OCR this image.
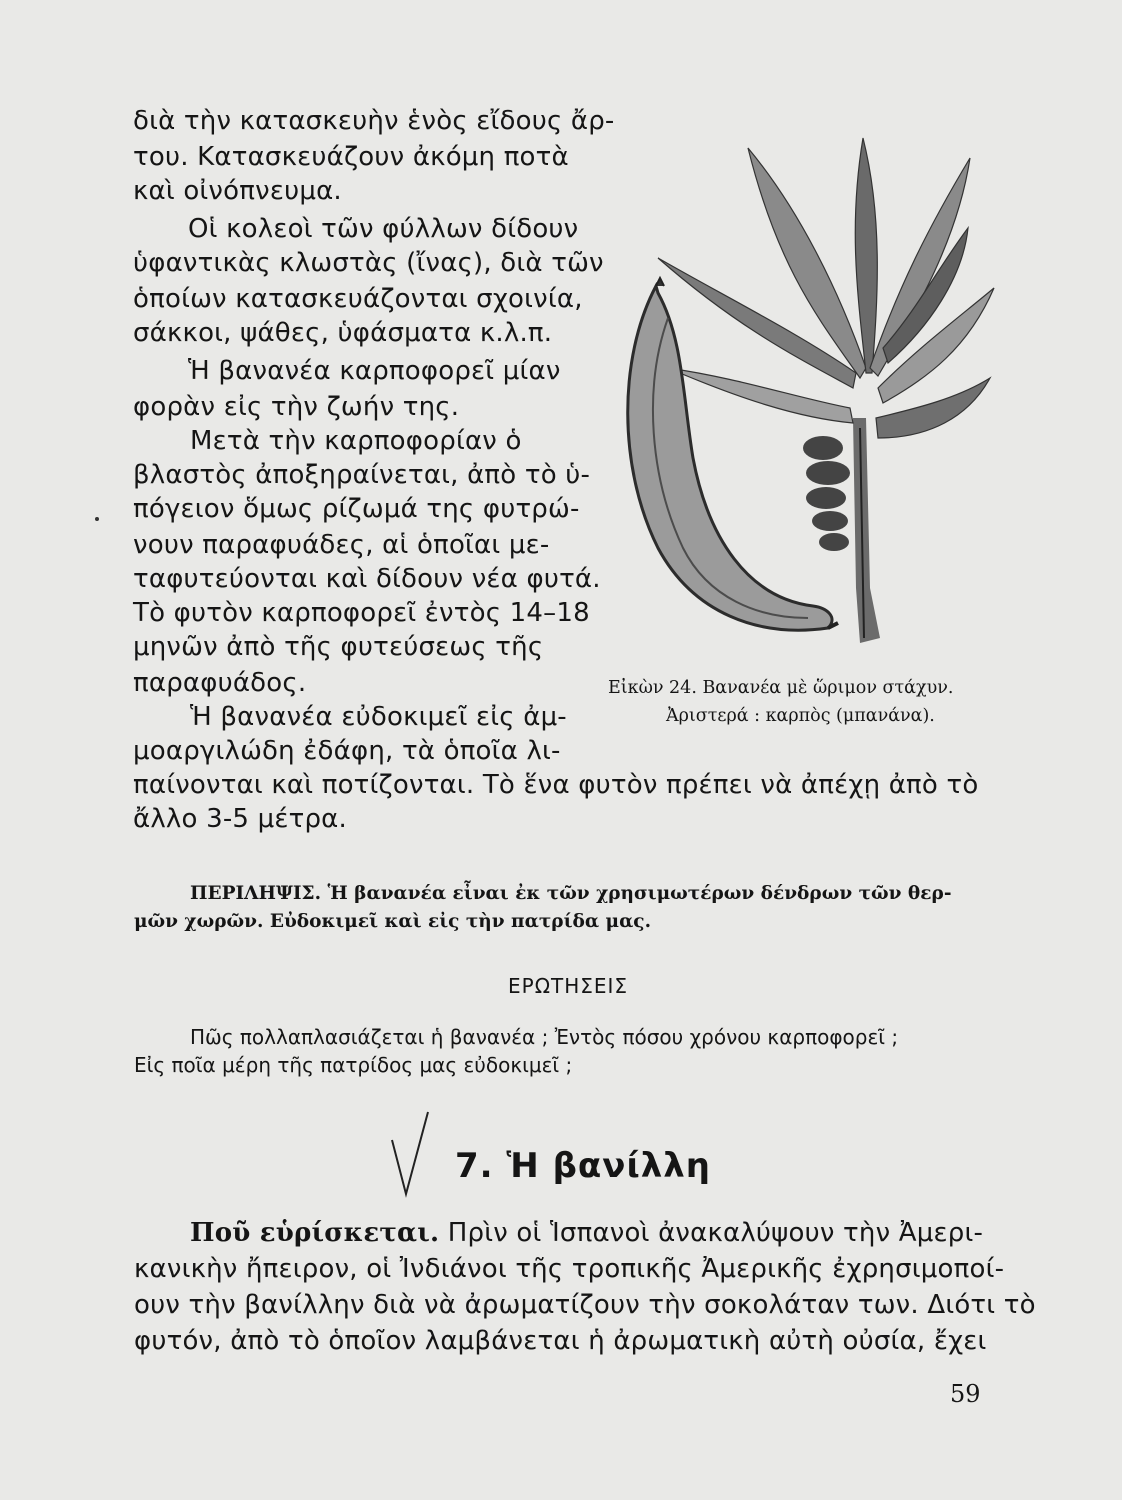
διὰ τὴν κατασκευὴν ἑνὸς εἴδους ἄρ-
του. Κατασκευάζουν ἀκόμη ποτὰ
καὶ οἰνόπνευμα.
Οἱ κολεοὶ τῶν φύλλων δίδουν
ὑφαντικὰς κλωστὰς (ἴνας), διὰ τῶν
ὁποίων κατασκευάζονται σχοινία,
σάκκοι, ψάθες, ὑφάσματα κ.λ.π.
Ἡ βανανέα καρποφορεῖ μίαν
φορὰν εἰς τὴν ζωήν της.
Μετὰ τὴν καρποφορίαν ὁ
βλαστὸς ἀποξηραίνεται, ἀπὸ τὸ ὑ-
πόγειον ὅμως ρίζωμά της φυτρώ-
νουν παραφυάδες, αἱ ὁποῖαι με-
ταφυτεύονται καὶ δίδουν νέα φυτά.
Τὸ φυτὸν καρποφορεῖ ἐντὸς 14–18
μηνῶν ἀπὸ τῆς φυτεύσεως τῆς
παραφυάδος.
Ἡ βανανέα εὐδοκιμεῖ εἰς ἀμ-
μοαργιλώδη ἐδάφη, τὰ ὁποῖα λι-
παίνονται καὶ ποτίζονται. Τὸ ἕνα φυτὸν πρέπει νὰ ἀπέχῃ ἀπὸ τὸ
ἄλλο 3-5 μέτρα.
Εἰκὼν 24. Βανανέα μὲ ὥριμον στάχυν.
Ἀριστερά : καρπὸς (μπανάνα).
ΠΕΡΙΛΗΨΙΣ. Ἡ βανανέα εἶναι ἐκ τῶν χρησιμωτέρων δένδρων τῶν θερ-
μῶν χωρῶν. Εὐδοκιμεῖ καὶ εἰς τὴν πατρίδα μας.
ΕΡΩΤΗΣΕΙΣ
Πῶς πολλαπλασιάζεται ἡ βανανέα ; Ἐντὸς πόσου χρόνου καρποφορεῖ ;
Εἰς ποῖα μέρη τῆς πατρίδος μας εὐδοκιμεῖ ;
7. Ἡ βανίλλη
Ποῦ εὑρίσκεται. Πρὶν οἱ Ἱσπανοὶ ἀνακαλύψουν τὴν Ἀμερι-
κανικὴν ἤπειρον, οἱ Ἰνδιάνοι τῆς τροπικῆς Ἀμερικῆς ἐχρησιμοποί-
ουν τὴν βανίλλην διὰ νὰ ἀρωματίζουν τὴν σοκολάταν των. Διότι τὸ
φυτόν, ἀπὸ τὸ ὁποῖον λαμβάνεται ἡ ἀρωματικὴ αὐτὴ οὐσία, ἔχει
59
